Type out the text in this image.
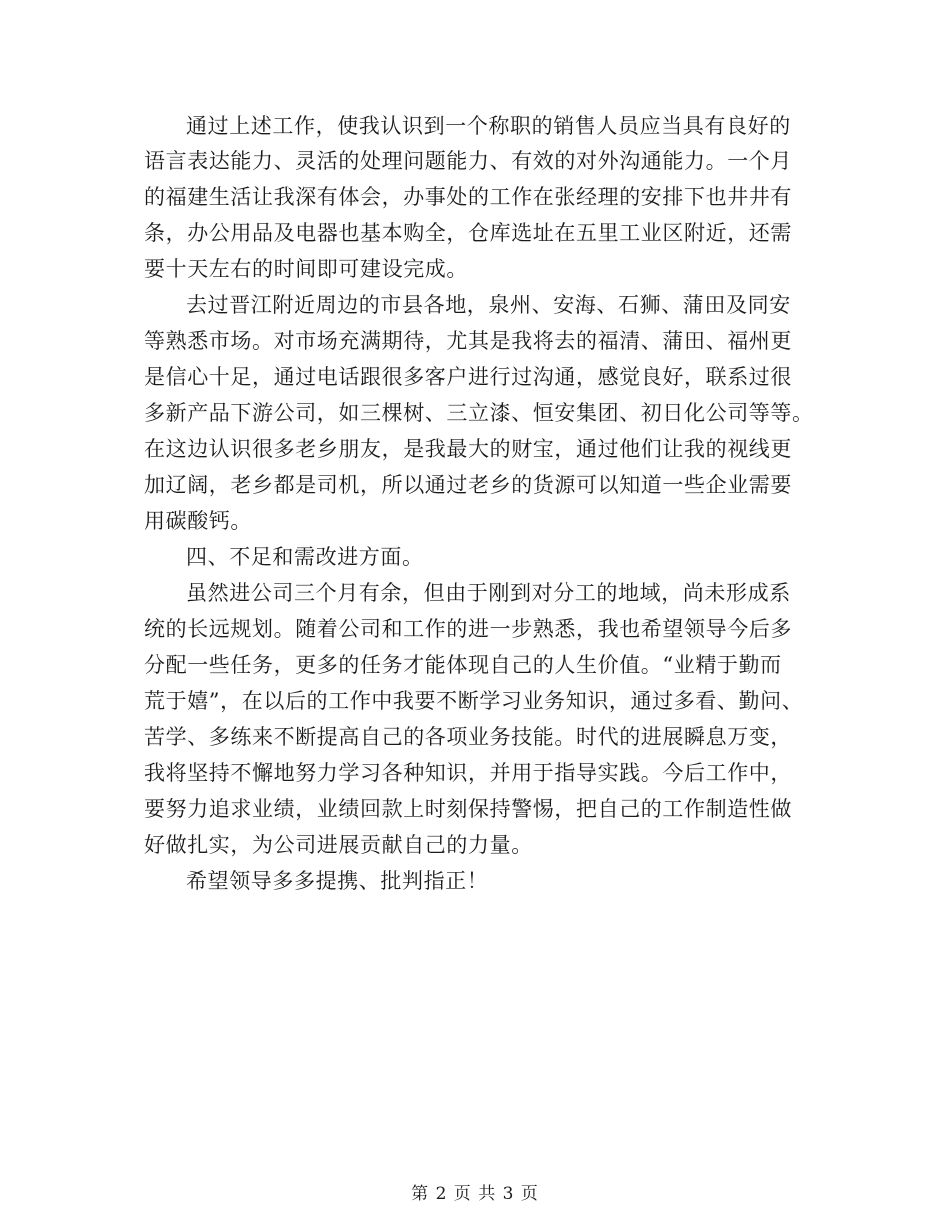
通过上述工作，使我认识到一个称职的销售人员应当具有良好的
语言表达能力、灵活的处理问题能力、有效的对外沟通能力。一个月
的福建生活让我深有体会，办事处的工作在张经理的安排下也井井有
条，办公用品及电器也基本购全，仓库选址在五里工业区附近，还需
要十天左右的时间即可建设完成。
去过晋江附近周边的市县各地，泉州、安海、石狮、蒲田及同安
等熟悉市场。对市场充满期待，尤其是我将去的福清、蒲田、福州更
是信心十足，通过电话跟很多客户进行过沟通，感觉良好，联系过很
多新产品下游公司，如三棵树、三立漆、恒安集团、初日化公司等等。
在这边认识很多老乡朋友，是我最大的财宝，通过他们让我的视线更
加辽阔，老乡都是司机，所以通过老乡的货源可以知道一些企业需要
用碳酸钙。
四、不足和需改进方面。
虽然进公司三个月有余，但由于刚到对分工的地域，尚未形成系
统的长远规划。随着公司和工作的进一步熟悉，我也希望领导今后多
分配一些任务，更多的任务才能体现自己的人生价值。“业精于勤而
荒于嬉”，在以后的工作中我要不断学习业务知识，通过多看、勤问、
苦学、多练来不断提高自己的各项业务技能。时代的进展瞬息万变，
我将坚持不懈地努力学习各种知识，并用于指导实践。今后工作中，
要努力追求业绩，业绩回款上时刻保持警惕，把自己的工作制造性做
好做扎实，为公司进展贡献自己的力量。
希望领导多多提携、批判指正！
第 2 页 共 3 页
